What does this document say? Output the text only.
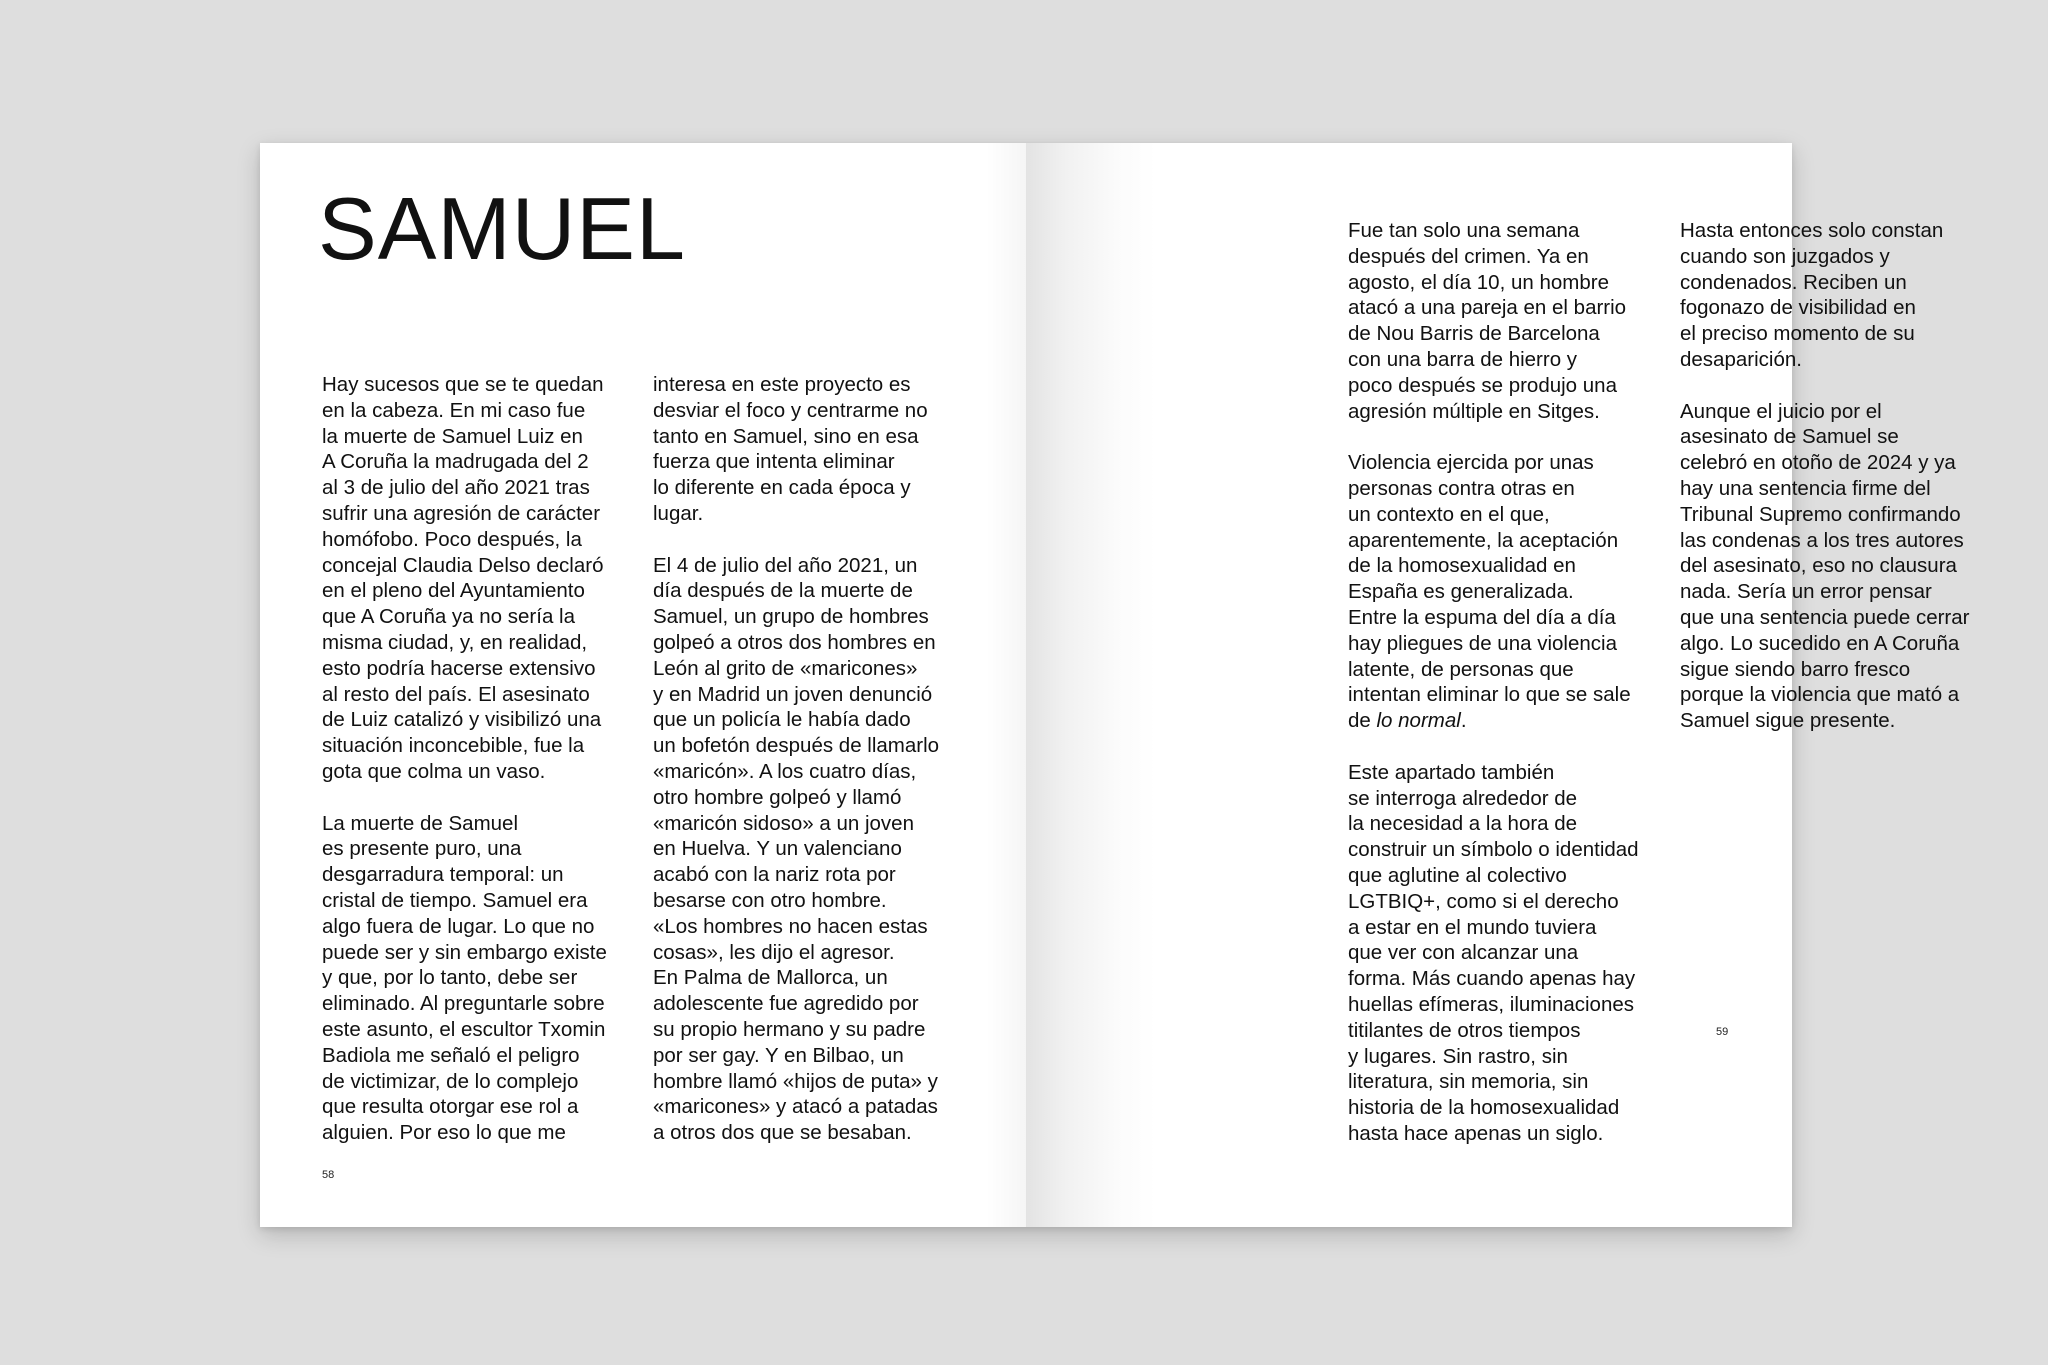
SAMUEL

Hay sucesos que se te quedan
en la cabeza. En mi caso fue
la muerte de Samuel Luiz en
A Coruña la madrugada del 2
al 3 de julio del año 2021 tras
sufrir una agresión de carácter
homófobo. Poco después, la
concejal Claudia Delso declaró
en el pleno del Ayuntamiento
que A Coruña ya no sería la
misma ciudad, y, en realidad,
esto podría hacerse extensivo
al resto del país. El asesinato
de Luiz catalizó y visibilizó una
situación inconcebible, fue la
gota que colma un vaso.

La muerte de Samuel
es presente puro, una
desgarradura temporal: un
cristal de tiempo. Samuel era
algo fuera de lugar. Lo que no
puede ser y sin embargo existe
y que, por lo tanto, debe ser
eliminado. Al preguntarle sobre
este asunto, el escultor Txomin
Badiola me señaló el peligro
de victimizar, de lo complejo
que resulta otorgar ese rol a
alguien. Por eso lo que me

interesa en este proyecto es
desviar el foco y centrarme no
tanto en Samuel, sino en esa
fuerza que intenta eliminar
lo diferente en cada época y
lugar.

El 4 de julio del año 2021, un
día después de la muerte de
Samuel, un grupo de hombres
golpeó a otros dos hombres en
León al grito de «maricones»
y en Madrid un joven denunció
que un policía le había dado
un bofetón después de llamarlo
«maricón». A los cuatro días,
otro hombre golpeó y llamó
«maricón sidoso» a un joven
en Huelva. Y un valenciano
acabó con la nariz rota por
besarse con otro hombre.
«Los hombres no hacen estas
cosas», les dijo el agresor.
En Palma de Mallorca, un
adolescente fue agredido por
su propio hermano y su padre
por ser gay. Y en Bilbao, un
hombre llamó «hijos de puta» y
«maricones» y atacó a patadas
a otros dos que se besaban.

58

Fue tan solo una semana
después del crimen. Ya en
agosto, el día 10, un hombre
atacó a una pareja en el barrio
de Nou Barris de Barcelona
con una barra de hierro y
poco después se produjo una
agresión múltiple en Sitges.

Violencia ejercida por unas
personas contra otras en
un contexto en el que,
aparentemente, la aceptación
de la homosexualidad en
España es generalizada.
Entre la espuma del día a día
hay pliegues de una violencia
latente, de personas que
intentan eliminar lo que se sale
de lo normal.

Este apartado también
se interroga alrededor de
la necesidad a la hora de
construir un símbolo o identidad
que aglutine al colectivo
LGTBIQ+, como si el derecho
a estar en el mundo tuviera
que ver con alcanzar una
forma. Más cuando apenas hay
huellas efímeras, iluminaciones
titilantes de otros tiempos
y lugares. Sin rastro, sin
literatura, sin memoria, sin
historia de la homosexualidad
hasta hace apenas un siglo.

Hasta entonces solo constan
cuando son juzgados y
condenados. Reciben un
fogonazo de visibilidad en
el preciso momento de su
desaparición.

Aunque el juicio por el
asesinato de Samuel se
celebró en otoño de 2024 y ya
hay una sentencia firme del
Tribunal Supremo confirmando
las condenas a los tres autores
del asesinato, eso no clausura
nada. Sería un error pensar
que una sentencia puede cerrar
algo. Lo sucedido en A Coruña
sigue siendo barro fresco
porque la violencia que mató a
Samuel sigue presente.

59
